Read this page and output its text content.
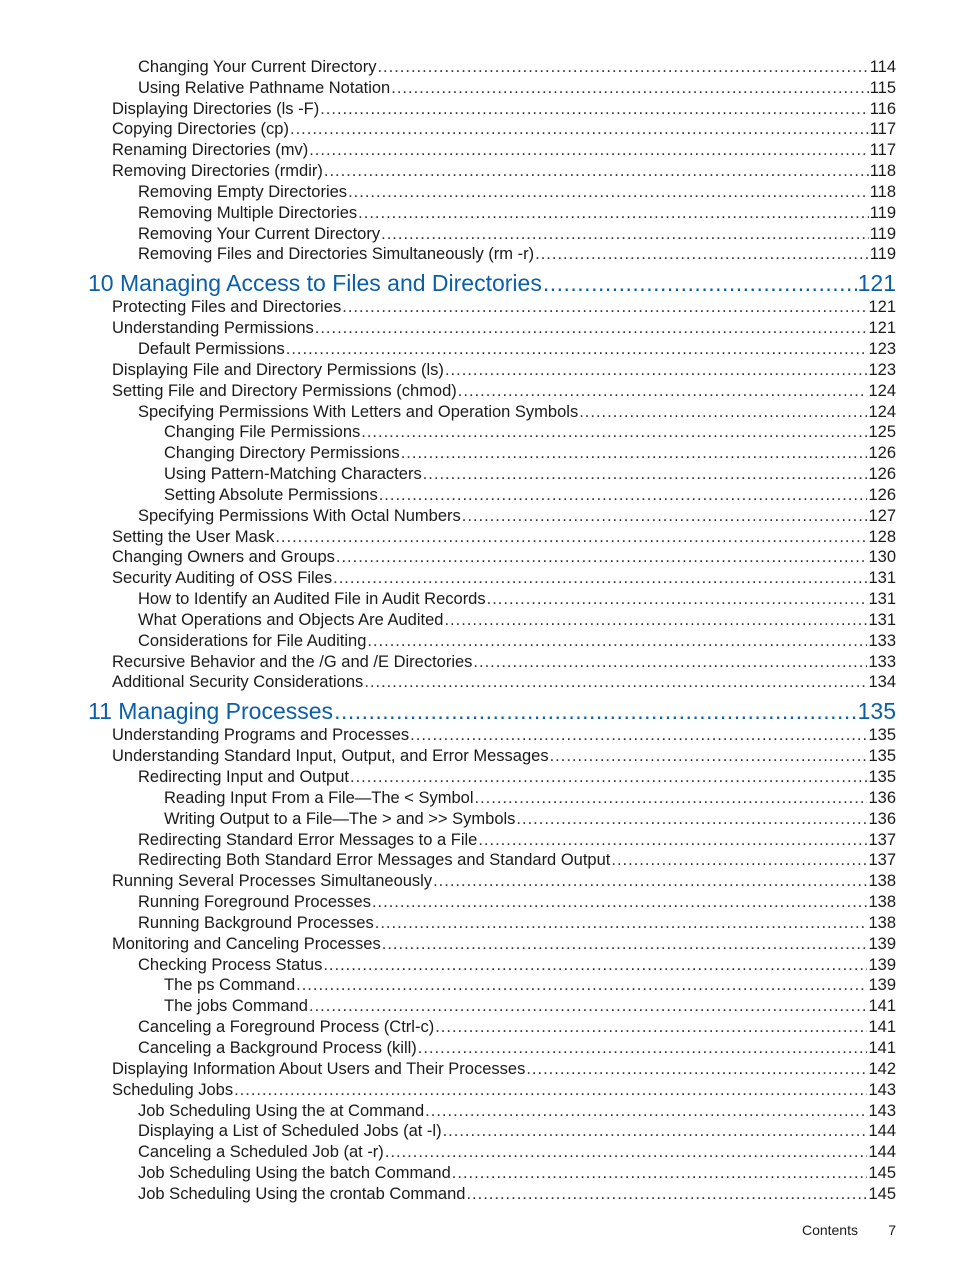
Changing Your Current Directory .....	114
Using Relative Pathname Notation .....	115
Displaying Directories (ls -F) .....	116
Copying Directories (cp) .....	117
Renaming Directories (mv) .....	117
Removing Directories (rmdir) .....	118
Removing Empty Directories .....	118
Removing Multiple Directories .....	119
Removing Your Current Directory .....	119
Removing Files and Directories Simultaneously (rm -r) .....	119
10 Managing Access to Files and Directories .....	121
Protecting Files and Directories .....	121
Understanding Permissions .....	121
Default Permissions .....	123
Displaying File and Directory Permissions (ls) .....	123
Setting File and Directory Permissions (chmod) .....	124
Specifying Permissions With Letters and Operation Symbols .....	124
Changing File Permissions .....	125
Changing Directory Permissions .....	126
Using Pattern-Matching Characters .....	126
Setting Absolute Permissions .....	126
Specifying Permissions With Octal Numbers .....	127
Setting the User Mask .....	128
Changing Owners and Groups .....	130
Security Auditing of OSS Files .....	131
How to Identify an Audited File in Audit Records .....	131
What Operations and Objects Are Audited .....	131
Considerations for File Auditing .....	133
Recursive Behavior and the /G and /E Directories .....	133
Additional Security Considerations .....	134
11 Managing Processes .....	135
Understanding Programs and Processes .....	135
Understanding Standard Input, Output, and Error Messages .....	135
Redirecting Input and Output .....	135
Reading Input From a File—The < Symbol .....	136
Writing Output to a File—The > and >> Symbols .....	136
Redirecting Standard Error Messages to a File .....	137
Redirecting Both Standard Error Messages and Standard Output .....	137
Running Several Processes Simultaneously .....	138
Running Foreground Processes .....	138
Running Background Processes .....	138
Monitoring and Canceling Processes .....	139
Checking Process Status .....	139
The ps Command .....	139
The jobs Command .....	141
Canceling a Foreground Process (Ctrl-c) .....	141
Canceling a Background Process (kill) .....	141
Displaying Information About Users and Their Processes .....	142
Scheduling Jobs .....	143
Job Scheduling Using the at Command .....	143
Displaying a List of Scheduled Jobs (at -l) .....	144
Canceling a Scheduled Job (at -r) .....	144
Job Scheduling Using the batch Command .....	145
Job Scheduling Using the crontab Command .....	145
Contents 7
